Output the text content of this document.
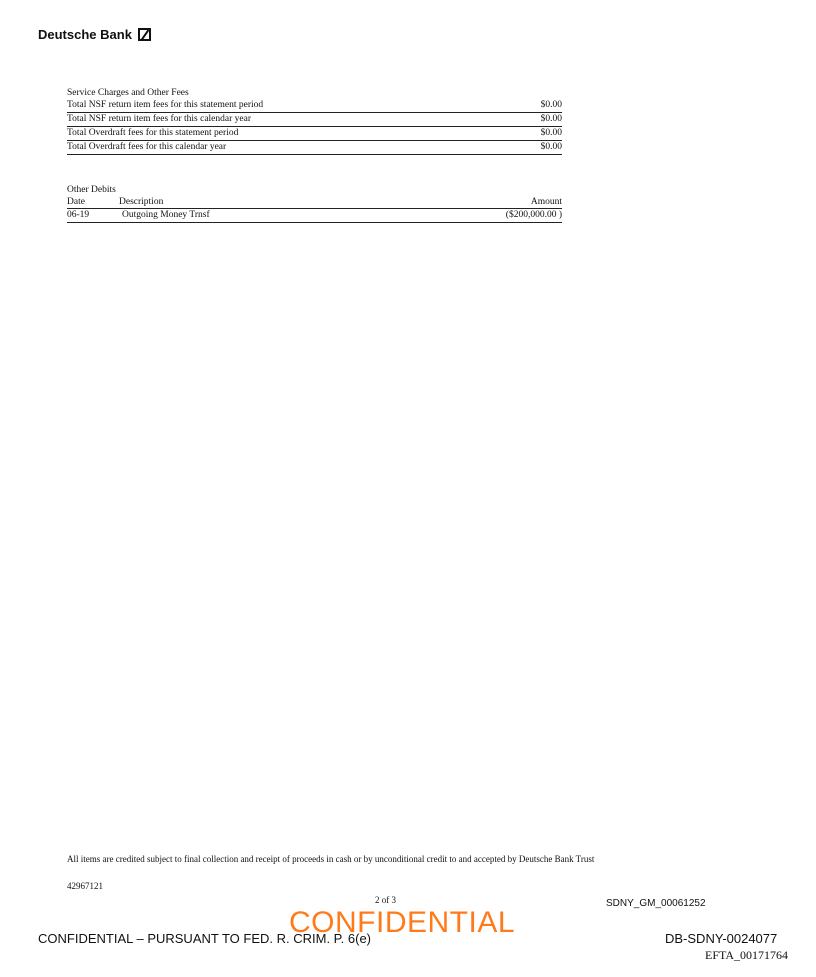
Deutsche Bank
Service Charges and Other Fees
Total NSF return item fees for this statement period	$0.00
Total NSF return item fees for this calendar year	$0.00
Total Overdraft fees for this statement period	$0.00
Total Overdraft fees for this calendar year	$0.00
Other Debits
Date	Description	Amount
06-19	Outgoing Money Trnsf	($200,000.00 )
All items are credited subject to final collection and receipt of proceeds in cash or by unconditional credit to and accepted by Deutsche Bank Trust
42967121
2 of 3	SDNY_GM_00061252
CONFIDENTIAL – PURSUANT TO FED. R. CRIM. P. 6(e)
CONFIDENTIAL	DB-SDNY-0024077
EFTA_00171764
